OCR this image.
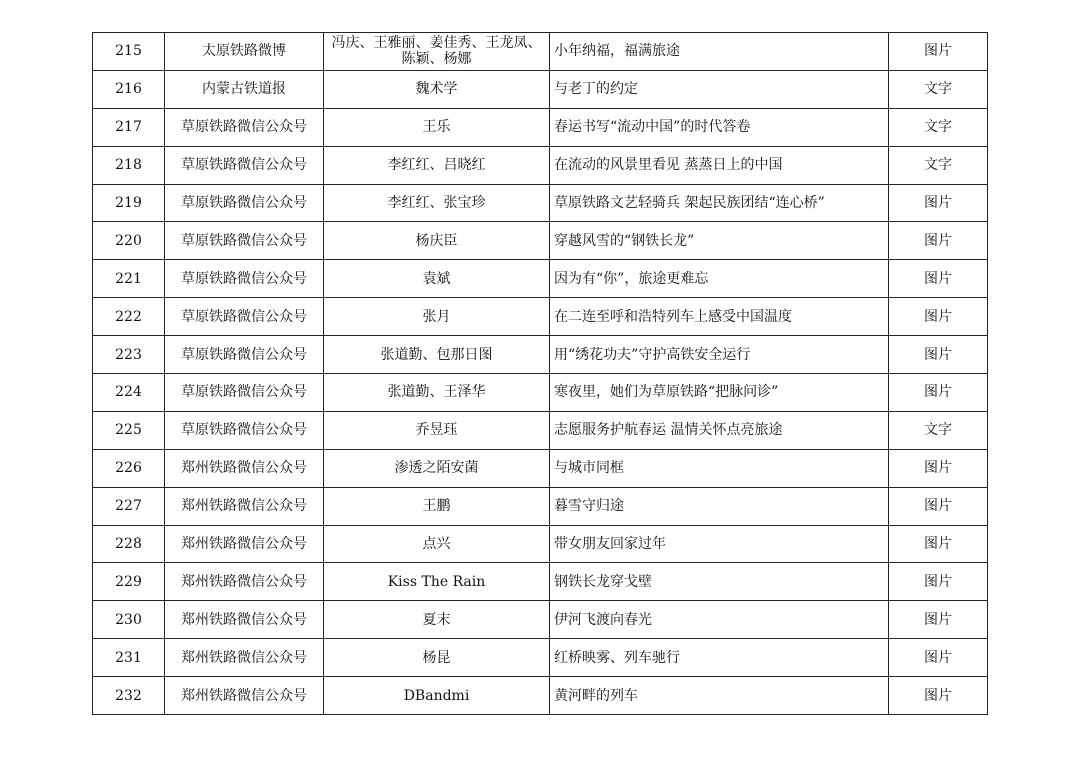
215	太原铁路微博	冯庆、王雅丽、姜佳秀、王龙凤、陈颖、杨娜	小年纳福，福满旅途	图片
216	内蒙古铁道报	魏术学	与老丁的约定	文字
217	草原铁路微信公众号	王乐	春运书写“流动中国”的时代答卷	文字
218	草原铁路微信公众号	李红红、吕晓红	在流动的风景里看见 蒸蒸日上的中国	文字
219	草原铁路微信公众号	李红红、张宝珍	草原铁路文艺轻骑兵 架起民族团结“连心桥”	图片
220	草原铁路微信公众号	杨庆臣	穿越风雪的“钢铁长龙”	图片
221	草原铁路微信公众号	袁斌	因为有“你”，旅途更难忘	图片
222	草原铁路微信公众号	张月	在二连至呼和浩特列车上感受中国温度	图片
223	草原铁路微信公众号	张道勤、包那日图	用“绣花功夫”守护高铁安全运行	图片
224	草原铁路微信公众号	张道勤、王泽华	寒夜里，她们为草原铁路“把脉问诊”	图片
225	草原铁路微信公众号	乔昱珏	志愿服务护航春运 温情关怀点亮旅途	文字
226	郑州铁路微信公众号	渗透之陌安菌	与城市同框	图片
227	郑州铁路微信公众号	王鹏	暮雪守归途	图片
228	郑州铁路微信公众号	点兴	带女朋友回家过年	图片
229	郑州铁路微信公众号	Kiss The Rain	钢铁长龙穿戈壁	图片
230	郑州铁路微信公众号	夏末	伊河飞渡向春光	图片
231	郑州铁路微信公众号	杨昆	红桥映雾、列车驰行	图片
232	郑州铁路微信公众号	DBandmi	黄河畔的列车	图片
